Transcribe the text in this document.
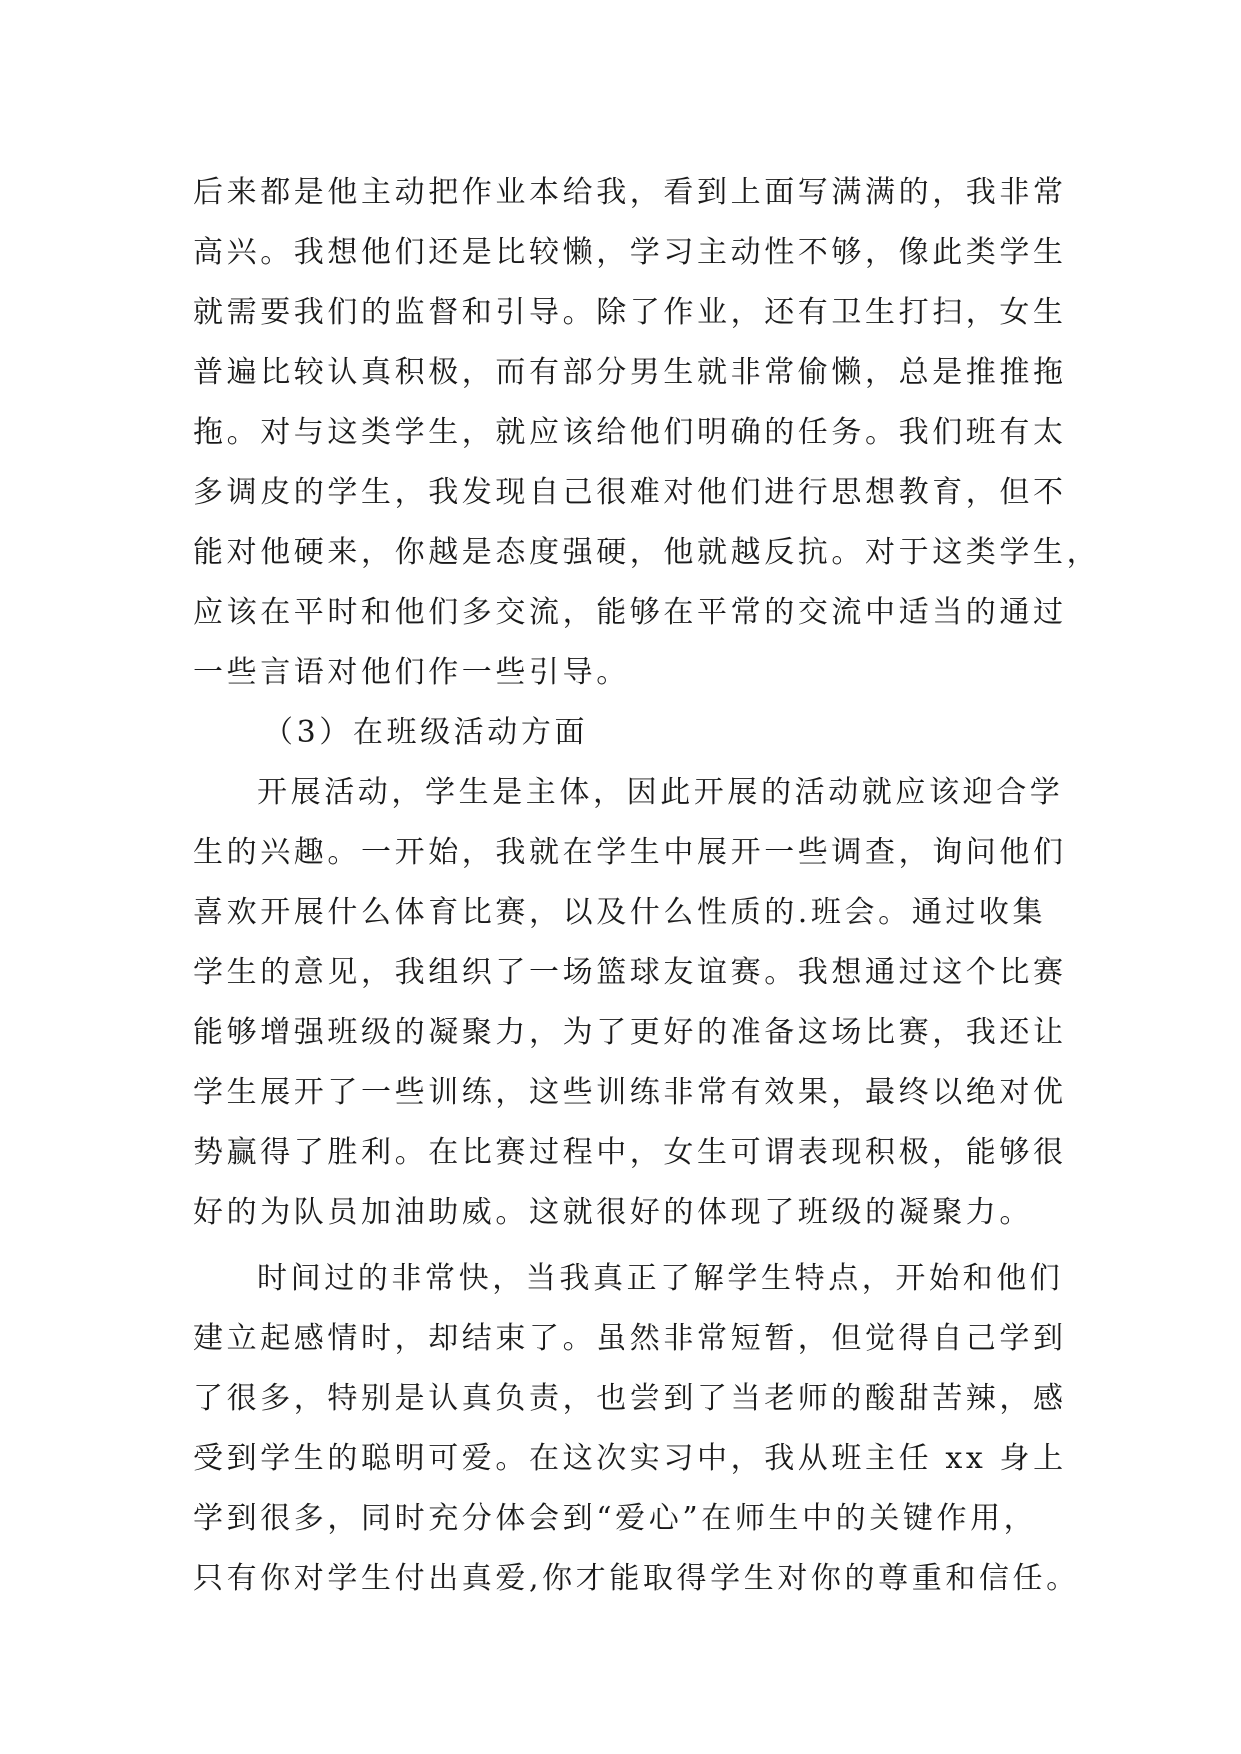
后来都是他主动把作业本给我，看到上面写满满的，我非常
高兴。我想他们还是比较懒，学习主动性不够，像此类学生
就需要我们的监督和引导。除了作业，还有卫生打扫，女生
普遍比较认真积极，而有部分男生就非常偷懒，总是推推拖
拖。对与这类学生，就应该给他们明确的任务。我们班有太
多调皮的学生，我发现自己很难对他们进行思想教育，但不
能对他硬来，你越是态度强硬，他就越反抗。对于这类学生，
应该在平时和他们多交流，能够在平常的交流中适当的通过
一些言语对他们作一些引导。
（3）在班级活动方面
开展活动，学生是主体，因此开展的活动就应该迎合学
生的兴趣。一开始，我就在学生中展开一些调查，询问他们
喜欢开展什么体育比赛，以及什么性质的.班会。通过收集
学生的意见，我组织了一场篮球友谊赛。我想通过这个比赛
能够增强班级的凝聚力，为了更好的准备这场比赛，我还让
学生展开了一些训练，这些训练非常有效果，最终以绝对优
势赢得了胜利。在比赛过程中，女生可谓表现积极，能够很
好的为队员加油助威。这就很好的体现了班级的凝聚力。
时间过的非常快，当我真正了解学生特点，开始和他们
建立起感情时，却结束了。虽然非常短暂，但觉得自己学到
了很多，特别是认真负责，也尝到了当老师的酸甜苦辣，感
受到学生的聪明可爱。在这次实习中，我从班主任 xx 身上
学到很多，同时充分体会到“爱心”在师生中的关键作用，
只有你对学生付出真爱,你才能取得学生对你的尊重和信任。
